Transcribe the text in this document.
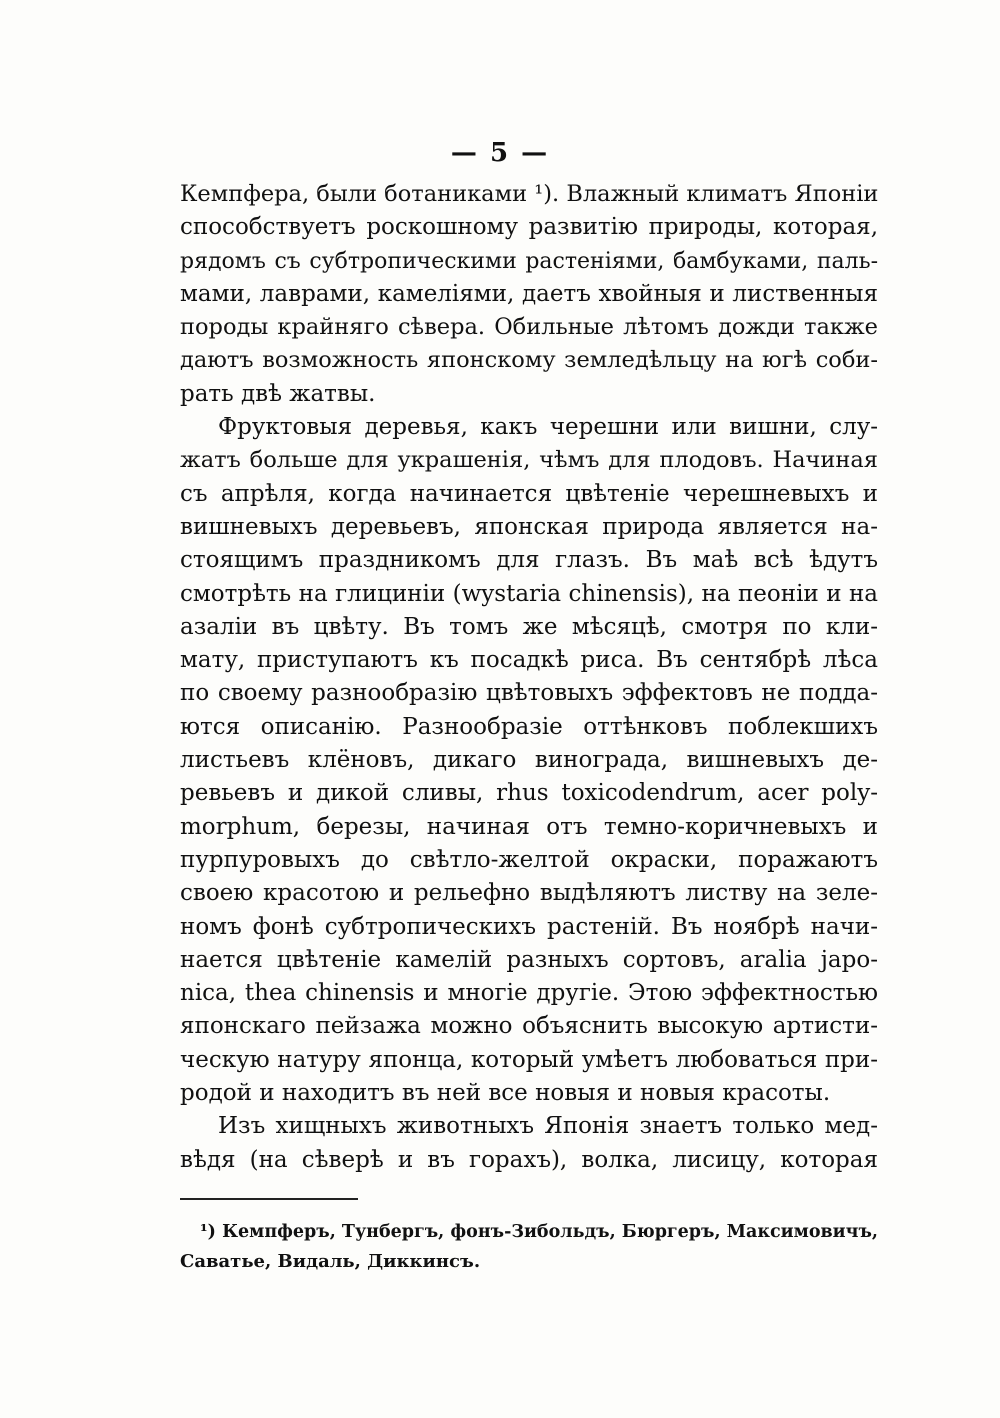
— 5 —
Кемпфера, были ботаниками ¹). Влажный климатъ Японіи
способствуетъ роскошному развитію природы, которая,
рядомъ съ субтропическими растеніями, бамбуками, паль-
мами, лаврами, камеліями, даетъ хвойныя и лиственныя
породы крайняго сѣвера. Обильные лѣтомъ дожди также
даютъ возможность японскому земледѣльцу на югѣ соби-
рать двѣ жатвы.
Фруктовыя деревья, какъ черешни или вишни, слу-
жатъ больше для украшенія, чѣмъ для плодовъ. Начиная
съ апрѣля, когда начинается цвѣтеніе черешневыхъ и
вишневыхъ деревьевъ, японская природа является на-
стоящимъ праздникомъ для глазъ. Въ маѣ всѣ ѣдутъ
смотрѣть на глициніи (wystaria chinensis), на пеоніи и на
азаліи въ цвѣту. Въ томъ же мѣсяцѣ, смотря по кли-
мату, приступаютъ къ посадкѣ риса. Въ сентябрѣ лѣса
по своему разнообразію цвѣтовыхъ эффектовъ не подда-
ются описанію. Разнообразіе оттѣнковъ поблекшихъ
листьевъ клёновъ, дикаго винограда, вишневыхъ де-
ревьевъ и дикой сливы, rhus toxicodendrum, acer poly-
morphum, березы, начиная отъ темно-коричневыхъ и
пурпуровыхъ до свѣтло-желтой окраски, поражаютъ
своею красотою и рельефно выдѣляютъ листву на зеле-
номъ фонѣ субтропическихъ растеній. Въ ноябрѣ начи-
нается цвѣтеніе камелій разныхъ сортовъ, aralia japo-
nica, thea chinensis и многіе другіе. Этою эффектностью
японскаго пейзажа можно объяснить высокую артисти-
ческую натуру японца, который умѣетъ любоваться при-
родой и находитъ въ ней все новыя и новыя красоты.
Изъ хищныхъ животныхъ Японія знаетъ только мед-
вѣдя (на сѣверѣ и въ горахъ), волка, лисицу, которая
¹) Кемпферъ, Тунбергъ, фонъ-Зибольдъ, Бюргеръ, Максимовичъ,
Саватье, Видаль, Диккинсъ.
